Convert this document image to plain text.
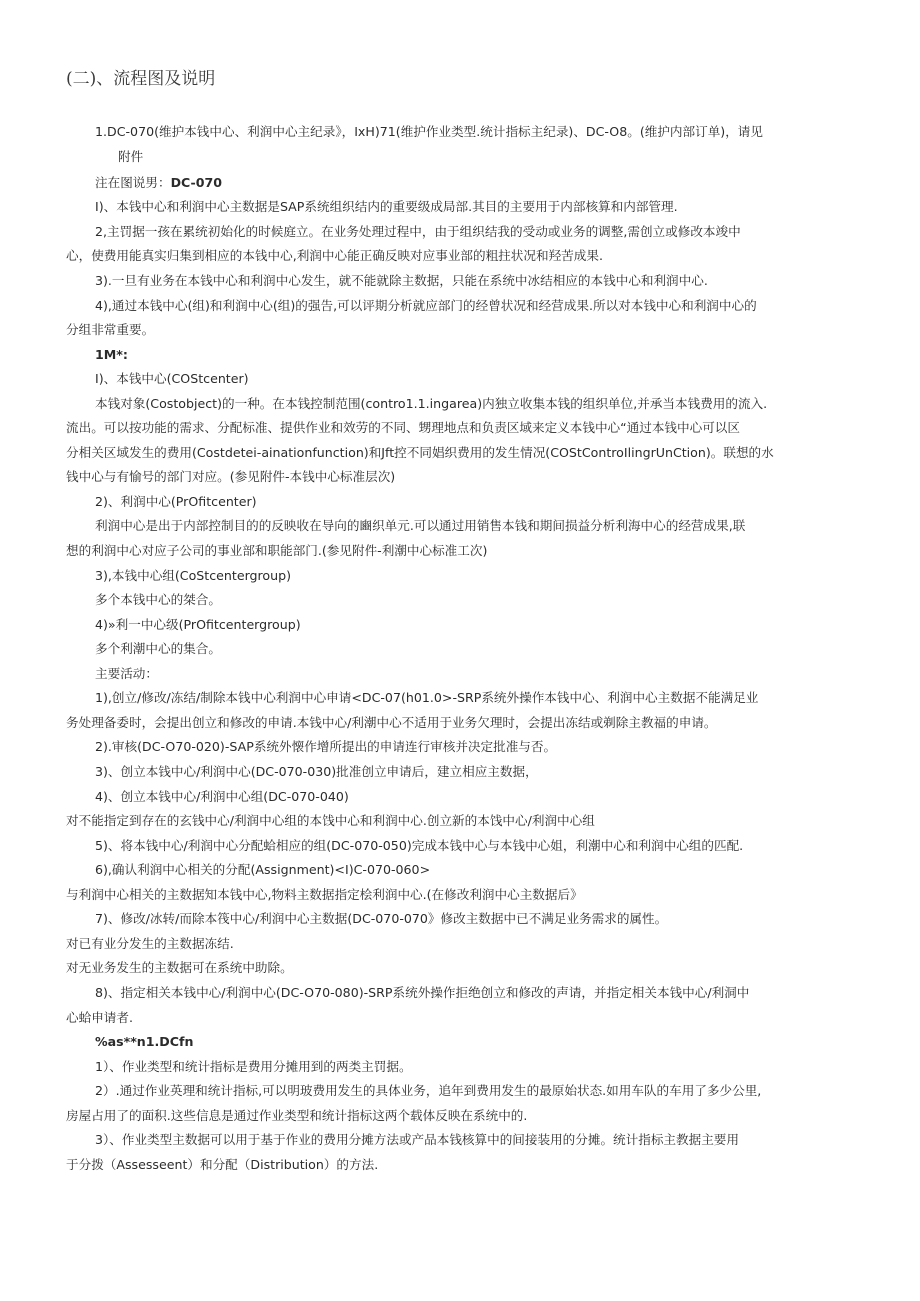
(二)、流程图及说明

1.DC-070(维护本钱中心、利润中心主纪录》，IxH)71(维护作业类型.统计指标主纪录)、DC-O8。(维护内部订单)，请见

附件

注在图说男：DC-070

I)、本钱中心和利润中心主数据是SAP系统组织结内的重要级成局部.其目的主要用于内部核算和内部管理.

2,主罚据一孩在累统初始化的时候庭立。在业务处理过程中，由于组织结我的受动或业务的调整,需创立或修改本竣中

心，使费用能真实归集到相应的本钱中心,利润中心能正确反映对应事业部的粗拄状况和羟苦成果.

3).一旦有业务在本钱中心和利润中心发生，就不能就除主数据，只能在系统中冰结相应的本钱中心和利润中心.

4),通过本钱中心(组)和利润中心(组)的强告,可以评期分析就应部门的经曾状况和经营成果.所以对本钱中心和利润中心的

分组非常重要。

1M*:

I)、本钱中心(COStcenter)

本钱对象(Costobject)的一种。在本钱控制范围(contro1.1.ingarea)内独立收集本钱的组织单位,并承当本钱费用的流入.

流出。可以按功能的需求、分配标准、提供作业和效劳的不同、甥理地点和负责区域来定义本钱中心“通过本钱中心可以区

分相关区域发生的费用(Costdetei-ainationfunction)和Jft控不同娼织费用的发生情况(COStControIlingrUnCtion)。联想的水

钱中心与有愉号的部门对应。(参见附件-本钱中心标准层次)

2)、利润中心(PrOfitcenter)

利润中心是出于内部控制目的的反映收在导向的豳织单元.可以通过用销售本钱和期间损益分析利海中心的经营成果,联

想的利润中心对应子公司的事业部和职能部门.(参见附件-利潮中心标准工次)

3),本钱中心组(CoStcentergroup)

多个本钱中心的桀合。

4)»利一中心级(PrOfitcentergroup)

多个利潮中心的集合。

主要活动：

1),创立/修改/冻结/制除本钱中心利润中心申请<DC-07(h01.0>-SRP系统外操作本钱中心、利润中心主数据不能满足业

务处理备委时，会提出创立和修改的申请.本钱中心/利潮中心不适用于业务欠理时，会提出冻结或剃除主教福的申请。

2).审核(DC-O70-020)-SAP系统外懐作增所提出的申请连行审核并决定批准与否。

3)、创立本钱中心/利润中心(DC-070-030)批准创立申请后，建立相应主数据，

4)、创立本钱中心/利润中心组(DC-070-040)

对不能指定到存在的玄钱中心/利润中心组的本饯中心和利润中心.创立新的本饯中心/利润中心组

5)、将本钱中心/利润中心分配蛤相应的组(DC-070-050)完成本钱中心与本钱中心姐，利潮中心和利润中心组的匹配.

6),确认利润中心相关的分配(Assignment)<I)C-070-060>

与利润中心相关的主数据知本钱中心,物料主数据指定桧利润中心.(在修改利润中心主数据后》

7)、修改/冰转/而除本筏中心/利润中心主数据(DC-070-070》修改主数据中已不满足业务需求的属性。

对已有业分发生的主数据冻结.

对无业务发生的主数据可在系统中助除。

8)、指定相关本钱中心/利润中心(DC-O70-080)-SRP系统外操作拒绝创立和修改的声请，并指定相关本钱中心/利洞中

心蛤申请者.

%as**n1.DCfn

1）、作业类型和统计指标是费用分摊用到的两类主罚据。

2）.通过作业英理和统计指标,可以明玻费用发生的具体业务，追年到费用发生的最原始状态.如用车队的车用了多少公里,

房屋占用了的面积.这些信息是通过作业类型和统计指标这两个载体反映在系统中的.

3）、作业类型主数据可以用于基于作业的费用分摊方法或产品本钱核算中的间接装用的分摊。统计指标主教据主要用

于分拨（Assesseent）和分配（Distribution）的方法.
